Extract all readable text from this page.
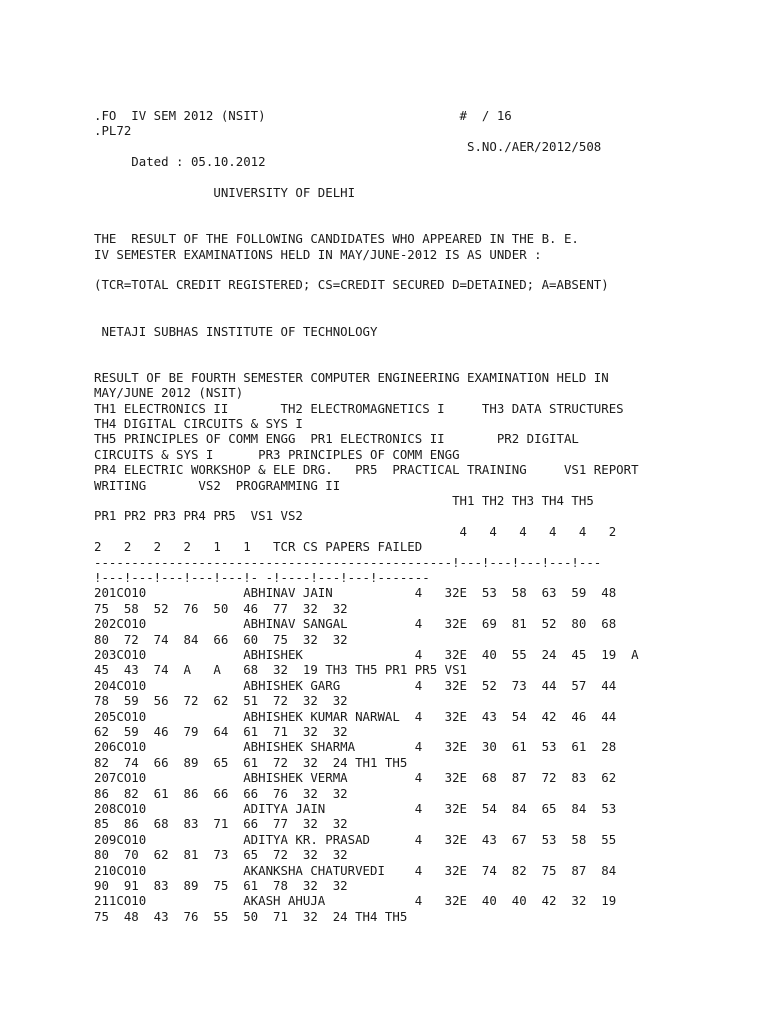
.FO  IV SEM 2012 (NSIT)                          #  / 16
.PL72
S.NO./AER/2012/508
Dated : 05.10.2012
UNIVERSITY OF DELHI
THE  RESULT OF THE FOLLOWING CANDIDATES WHO APPEARED IN THE B. E.
IV SEMESTER EXAMINATIONS HELD IN MAY/JUNE-2012 IS AS UNDER :
(TCR=TOTAL CREDIT REGISTERED; CS=CREDIT SECURED D=DETAINED; A=ABSENT)
NETAJI SUBHAS INSTITUTE OF TECHNOLOGY
RESULT OF BE FOURTH SEMESTER COMPUTER ENGINEERING EXAMINATION HELD IN
MAY/JUNE 2012 (NSIT)
TH1 ELECTRONICS II       TH2 ELECTROMAGNETICS I     TH3 DATA STRUCTURES
TH4 DIGITAL CIRCUITS & SYS I
TH5 PRINCIPLES OF COMM ENGG  PR1 ELECTRONICS II       PR2 DIGITAL
CIRCUITS & SYS I      PR3 PRINCIPLES OF COMM ENGG
PR4 ELECTRIC WORKSHOP & ELE DRG.   PR5  PRACTICAL TRAINING     VS1 REPORT
WRITING       VS2  PROGRAMMING II
TH1 TH2 TH3 TH4 TH5
PR1 PR2 PR3 PR4 PR5  VS1 VS2
4   4   4   4   4   2
2   2   2   2   1   1   TCR CS PAPERS FAILED
------------------------------------------------!---!---!---!---!---
!---!---!---!---!---!- -!----!---!---!-------
201CO10             ABHINAV JAIN           4   32E  53  58  63  59  48
75  58  52  76  50  46  77  32  32
202CO10             ABHINAV SANGAL         4   32E  69  81  52  80  68
80  72  74  84  66  60  75  32  32
203CO10             ABHISHEK               4   32E  40  55  24  45  19  A
45  43  74  A   A   68  32  19 TH3 TH5 PR1 PR5 VS1
204CO10             ABHISHEK GARG          4   32E  52  73  44  57  44
78  59  56  72  62  51  72  32  32
205CO10             ABHISHEK KUMAR NARWAL  4   32E  43  54  42  46  44
62  59  46  79  64  61  71  32  32
206CO10             ABHISHEK SHARMA        4   32E  30  61  53  61  28
82  74  66  89  65  61  72  32  24 TH1 TH5
207CO10             ABHISHEK VERMA         4   32E  68  87  72  83  62
86  82  61  86  66  66  76  32  32
208CO10             ADITYA JAIN            4   32E  54  84  65  84  53
85  86  68  83  71  66  77  32  32
209CO10             ADITYA KR. PRASAD      4   32E  43  67  53  58  55
80  70  62  81  73  65  72  32  32
210CO10             AKANKSHA CHATURVEDI    4   32E  74  82  75  87  84
90  91  83  89  75  61  78  32  32
211CO10             AKASH AHUJA            4   32E  40  40  42  32  19
75  48  43  76  55  50  71  32  24 TH4 TH5
